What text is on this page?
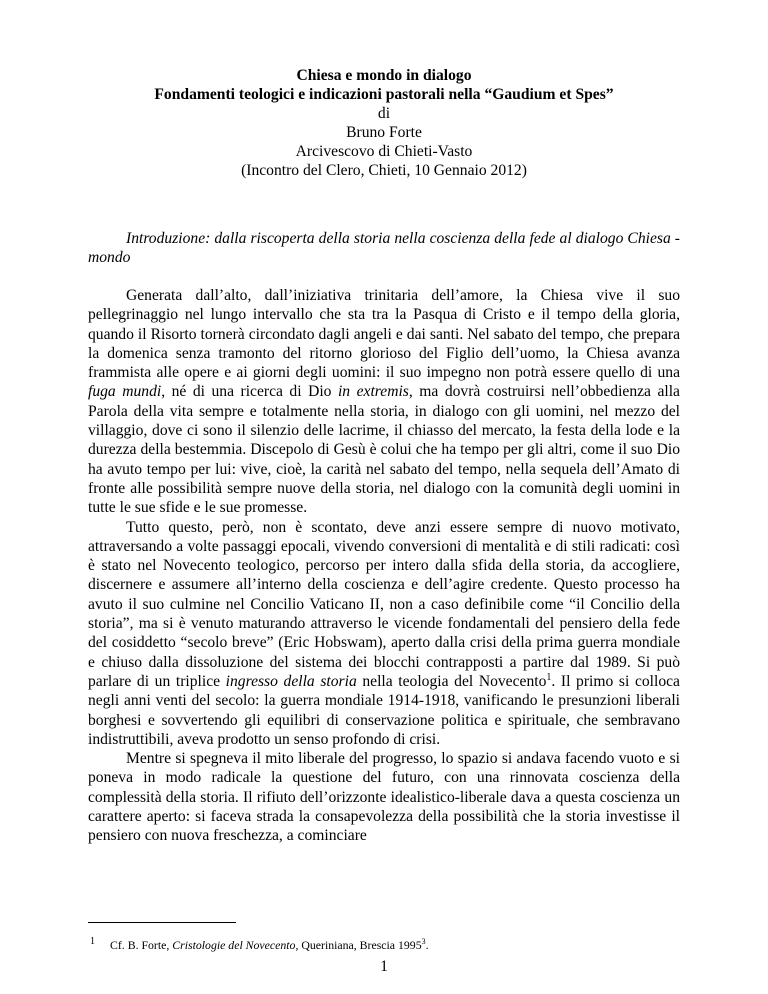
Chiesa e mondo in dialogo
Fondamenti teologici e indicazioni pastorali nella “Gaudium et Spes”
di
Bruno Forte
Arcivescovo di Chieti-Vasto
(Incontro del Clero, Chieti, 10 Gennaio 2012)
Introduzione: dalla riscoperta della storia nella coscienza della fede al dialogo Chiesa - mondo

Generata dall’alto, dall’iniziativa trinitaria dell’amore, la Chiesa vive il suo pellegrinaggio nel lungo intervallo che sta tra la Pasqua di Cristo e il tempo della gloria, quando il Risorto tornerà circondato dagli angeli e dai santi. Nel sabato del tempo, che prepara la domenica senza tramonto del ritorno glorioso del Figlio dell’uomo, la Chiesa avanza frammista alle opere e ai giorni degli uomini: il suo impegno non potrà essere quello di una fuga mundi, né di una ricerca di Dio in extremis, ma dovrà costruirsi nell’obbedienza alla Parola della vita sempre e totalmente nella storia, in dialogo con gli uomini, nel mezzo del villaggio, dove ci sono il silenzio delle lacrime, il chiasso del mercato, la festa della lode e la durezza della bestemmia. Discepolo di Gesù è colui che ha tempo per gli altri, come il suo Dio ha avuto tempo per lui: vive, cioè, la carità nel sabato del tempo, nella sequela dell’Amato di fronte alle possibilità sempre nuove della storia, nel dialogo con la comunità degli uomini in tutte le sue sfide e le sue promesse.

Tutto questo, però, non è scontato, deve anzi essere sempre di nuovo motivato, attraversando a volte passaggi epocali, vivendo conversioni di mentalità e di stili radicati: così è stato nel Novecento teologico, percorso per intero dalla sfida della storia, da accogliere, discernere e assumere all’interno della coscienza e dell’agire credente. Questo processo ha avuto il suo culmine nel Concilio Vaticano II, non a caso definibile come “il Concilio della storia”, ma si è venuto maturando attraverso le vicende fondamentali del pensiero della fede del cosiddetto “secolo breve” (Eric Hobswam), aperto dalla crisi della prima guerra mondiale e chiuso dalla dissoluzione del sistema dei blocchi contrapposti a partire dal 1989. Si può parlare di un triplice ingresso della storia nella teologia del Novecento$^1$. Il primo si colloca negli anni venti del secolo: la guerra mondiale 1914-1918, vanificando le presunzioni liberali borghesi e sovvertendo gli equilibri di conservazione politica e spirituale, che sembravano indistruttibili, aveva prodotto un senso profondo di crisi.

Mentre si spegneva il mito liberale del progresso, lo spazio si andava facendo vuoto e si poneva in modo radicale la questione del futuro, con una rinnovata coscienza della complessità della storia. Il rifiuto dell’orizzonte idealistico-liberale dava a questa coscienza un carattere aperto: si faceva strada la consapevolezza della possibilità che la storia investisse il pensiero con nuova freschezza, a cominciare

1 Cf. B. Forte, Cristologie del Novecento, Queriniana, Brescia 1995$^3$.
1
